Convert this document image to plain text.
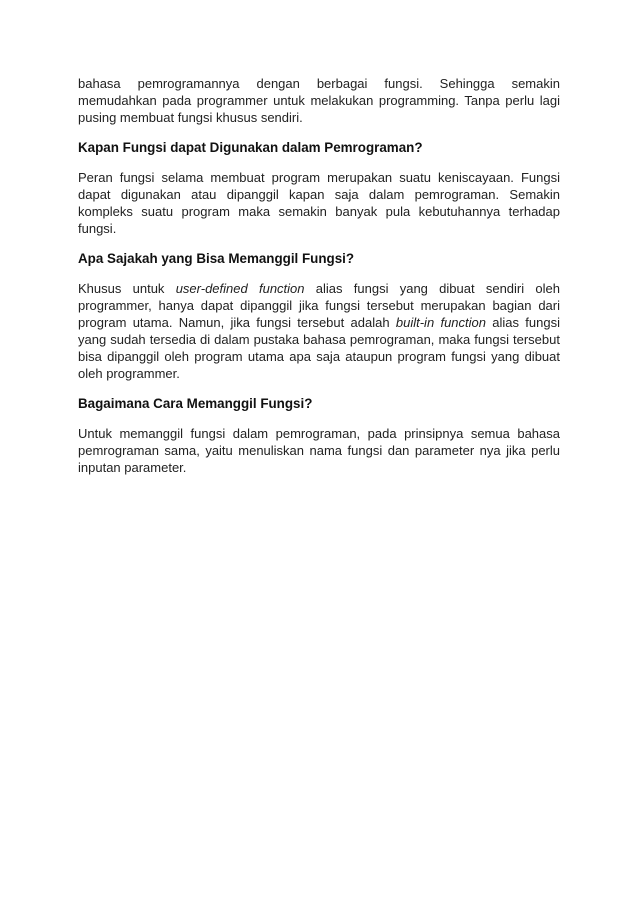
bahasa pemrogramannya dengan berbagai fungsi. Sehingga semakin memudahkan pada programmer untuk melakukan programming. Tanpa perlu lagi pusing membuat fungsi khusus sendiri.

Kapan Fungsi dapat Digunakan dalam Pemrograman?

Peran fungsi selama membuat program merupakan suatu keniscayaan. Fungsi dapat digunakan atau dipanggil kapan saja dalam pemrograman. Semakin kompleks suatu program maka semakin banyak pula kebutuhannya terhadap fungsi.

Apa Sajakah yang Bisa Memanggil Fungsi?

Khusus untuk user-defined function alias fungsi yang dibuat sendiri oleh programmer, hanya dapat dipanggil jika fungsi tersebut merupakan bagian dari program utama. Namun, jika fungsi tersebut adalah built-in function alias fungsi yang sudah tersedia di dalam pustaka bahasa pemrograman, maka fungsi tersebut bisa dipanggil oleh program utama apa saja ataupun program fungsi yang dibuat oleh programmer.

Bagaimana Cara Memanggil Fungsi?

Untuk memanggil fungsi dalam pemrograman, pada prinsipnya semua bahasa pemrograman sama, yaitu menuliskan nama fungsi dan parameter nya jika perlu inputan parameter.
